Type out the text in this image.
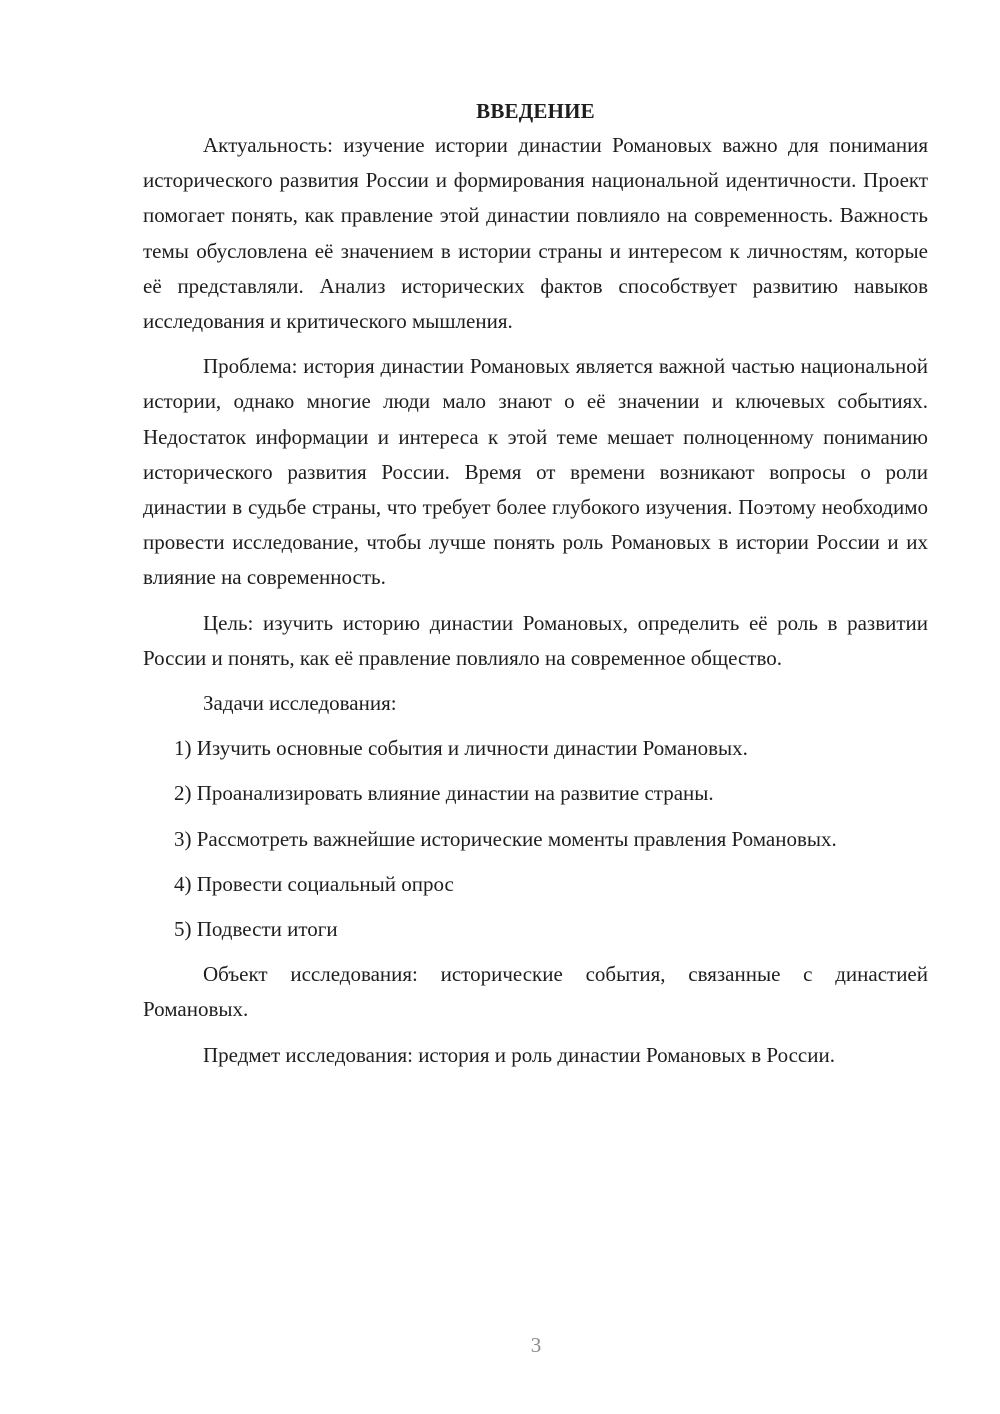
ВВЕДЕНИЕ

Актуальность: изучение истории династии Романовых важно для понимания исторического развития России и формирования национальной идентичности. Проект помогает понять, как правление этой династии повлияло на современность. Важность темы обусловлена её значением в истории страны и интересом к личностям, которые её представляли. Анализ исторических фактов способствует развитию навыков исследования и критического мышления.

Проблема: история династии Романовых является важной частью национальной истории, однако многие люди мало знают о её значении и ключевых событиях. Недостаток информации и интереса к этой теме мешает полноценному пониманию исторического развития России. Время от времени возникают вопросы о роли династии в судьбе страны, что требует более глубокого изучения. Поэтому необходимо провести исследование, чтобы лучше понять роль Романовых в истории России и их влияние на современность.

Цель: изучить историю династии Романовых, определить её роль в развитии России и понять, как её правление повлияло на современное общество.

Задачи исследования:

1) Изучить основные события и личности династии Романовых.

2) Проанализировать влияние династии на развитие страны.

3) Рассмотреть важнейшие исторические моменты правления Романовых.

4) Провести социальный опрос

5) Подвести итоги

Объект исследования: исторические события, связанные с династией Романовых.

Предмет исследования: история и роль династии Романовых в России.

3
